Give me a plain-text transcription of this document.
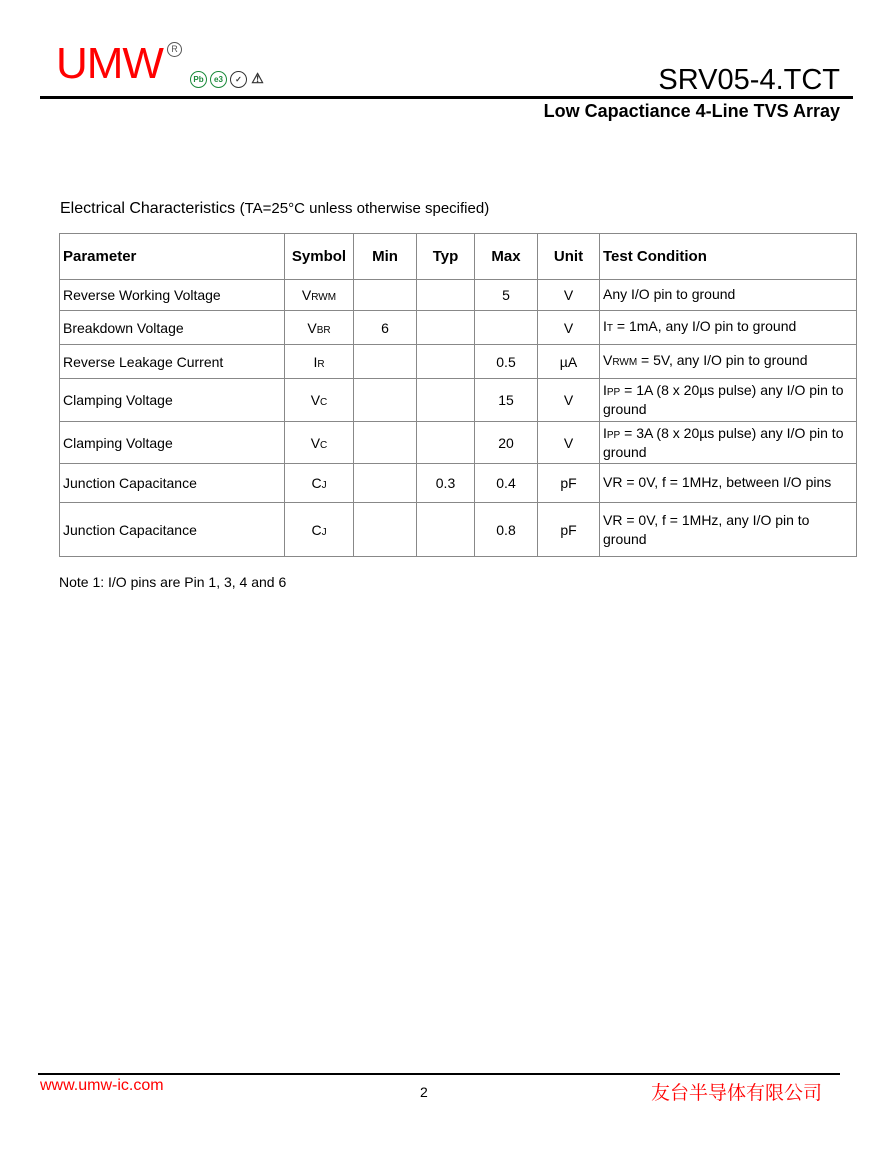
UMW R
Pb	e3	✓ ⚠	SRV05-4.TCT
Low Capactiance 4-Line TVS Array
Electrical Characteristics (TA=25°C unless otherwise specified)
Parameter	Symbol	Min	Typ	Max	Unit	Test Condition
Reverse Working Voltage	VRWM			5	V	Any I/O pin to ground
Breakdown Voltage	VBR	6			V	IT = 1mA, any I/O pin to ground
Reverse Leakage Current	IR			0.5	µA	VRWM = 5V, any I/O pin to ground
Clamping Voltage	VC			15	V	IPP = 1A (8 x 20µs pulse) any I/O pin to ground
Clamping Voltage	VC			20	V	IPP = 3A (8 x 20µs pulse) any I/O pin to ground
Junction Capacitance	CJ		0.3	0.4	pF	VR = 0V, f = 1MHz, between I/O pins
Junction Capacitance	CJ			0.8	pF	VR = 0V, f = 1MHz, any I/O pin to ground
Note 1: I/O pins are Pin 1, 3, 4 and 6
www.umw-ic.com	2	友台半导体有限公司
